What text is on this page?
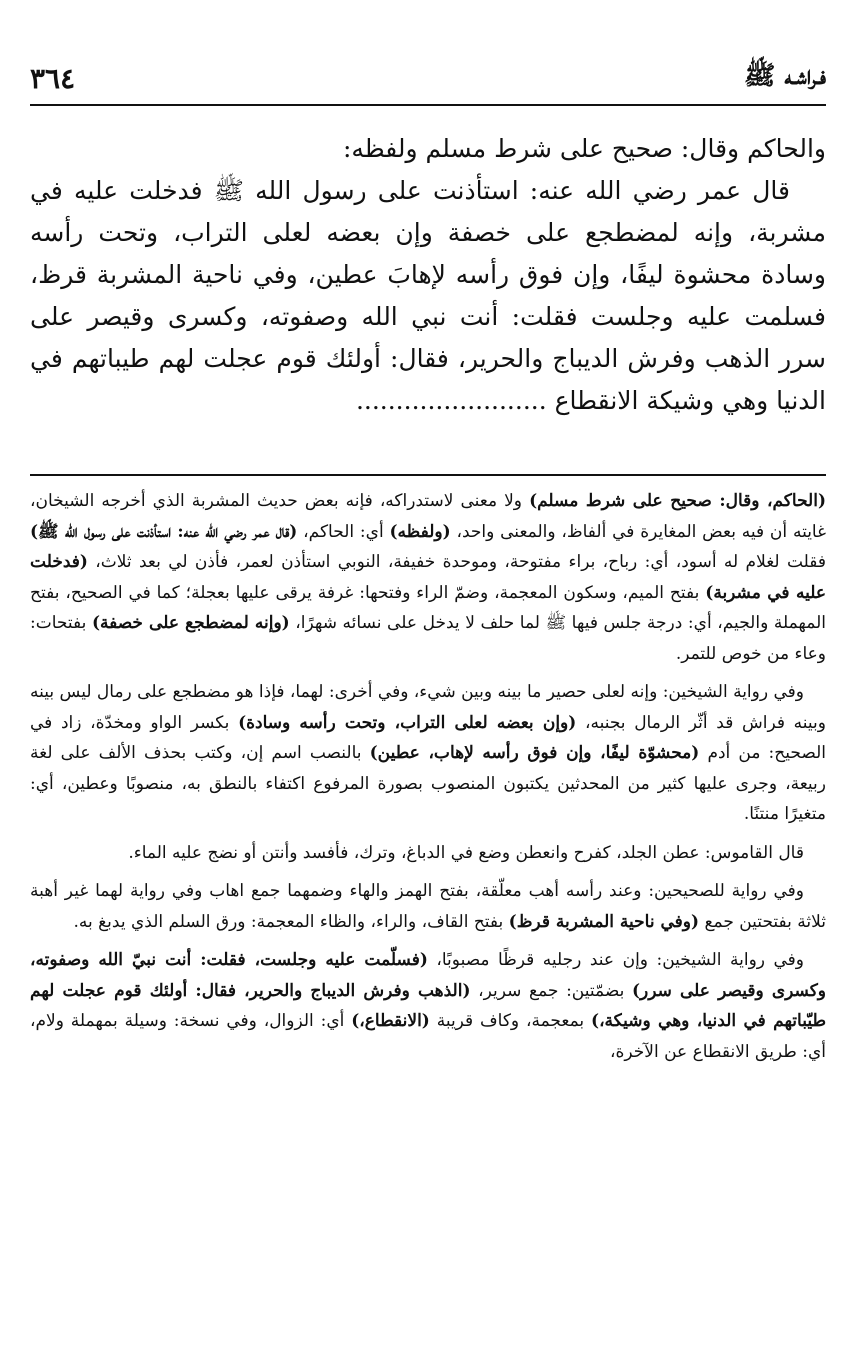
فـراشـه ﷺ
٣٦٤

والحاكم وقال: صحيح على شرط مسلم ولفظه:

قال عمر رضي الله عنه: استأذنت على رسول الله ﷺ فدخلت عليه في مشربة، وإنه لمضطجع على خصفة وإن بعضه لعلى التراب، وتحت رأسه وسادة محشوة ليفًا، وإن فوق رأسه لإهابَ عطين، وفي ناحية المشربة قرظ، فسلمت عليه وجلست فقلت: أنت نبي الله وصفوته، وكسرى وقيصر على سرر الذهب وفرش الديباج والحرير، فقال: أولئك قوم عجلت لهم طيباتهم في الدنيا وهي وشيكة الانقطاع ........................

(الحاكم، وقال: صحيح على شرط مسلم) ولا معنى لاستدراكه، فإنه بعض حديث المشربة الذي أخرجه الشيخان، غايته أن فيه بعض المغايرة في ألفاظ، والمعنى واحد، (ولفظه) أي: الحاكم، (قال عمر رضي الله عنه: استأذنت على رسول الله ﷺ) فقلت لغلام له أسود، أي: رباح، براء مفتوحة، وموحدة خفيفة، النوبي استأذن لعمر، فأذن لي بعد ثلاث، (فدخلت عليه في مشربة) بفتح الميم، وسكون المعجمة، وضمّ الراء وفتحها: غرفة يرقى عليها بعجلة؛ كما في الصحيح، بفتح المهملة والجيم، أي: درجة جلس فيها ﷺ لما حلف لا يدخل على نسائه شهرًا، (وإنه لمضطجع على خصفة) بفتحات: وعاء من خوص للتمر.

وفي رواية الشيخين: وإنه لعلى حصير ما بينه وبين شيء، وفي أخرى: لهما، فإذا هو مضطجع على رمال ليس بينه وبينه فراش قد أثّر الرمال بجنبه، (وإن بعضه لعلى التراب، وتحت رأسه وسادة) بكسر الواو ومخدّة، زاد في الصحيح: من أدم (محشوّة ليفًا، وإن فوق رأسه لإهاب، عطين) بالنصب اسم إن، وكتب بحذف الألف على لغة ربيعة، وجرى عليها كثير من المحدثين يكتبون المنصوب بصورة المرفوع اكتفاء بالنطق به، منصوبًا وعطين، أي: متغيرًا منتنًا.

قال القاموس: عطن الجلد، كفرح وانعطن وضع في الدباغ، وترك، فأفسد وأنتن أو نضج عليه الماء.

وفي رواية للصحيحين: وعند رأسه أهب معلّقة، بفتح الهمز والهاء وضمهما جمع اهاب وفي رواية لهما غير أهبة ثلاثة بفتحتين جمع (وفي ناحية المشربة قرظ) بفتح القاف، والراء، والظاء المعجمة: ورق السلم الذي يدبغ به.

وفي رواية الشيخين: وإن عند رجليه قرظًا مصبوبًا، (فسلّمت عليه وجلست، فقلت: أنت نبيّ الله وصفوته، وكسرى وقيصر على سرر) بضمّتين: جمع سرير، (الذهب وفرش الديباج والحرير، فقال: أولئك قوم عجلت لهم طيّباتهم في الدنيا، وهي وشيكة،) بمعجمة، وكاف قريبة (الانقطاع،) أي: الزوال، وفي نسخة: وسيلة بمهملة ولام، أي: طريق الانقطاع عن الآخرة،
